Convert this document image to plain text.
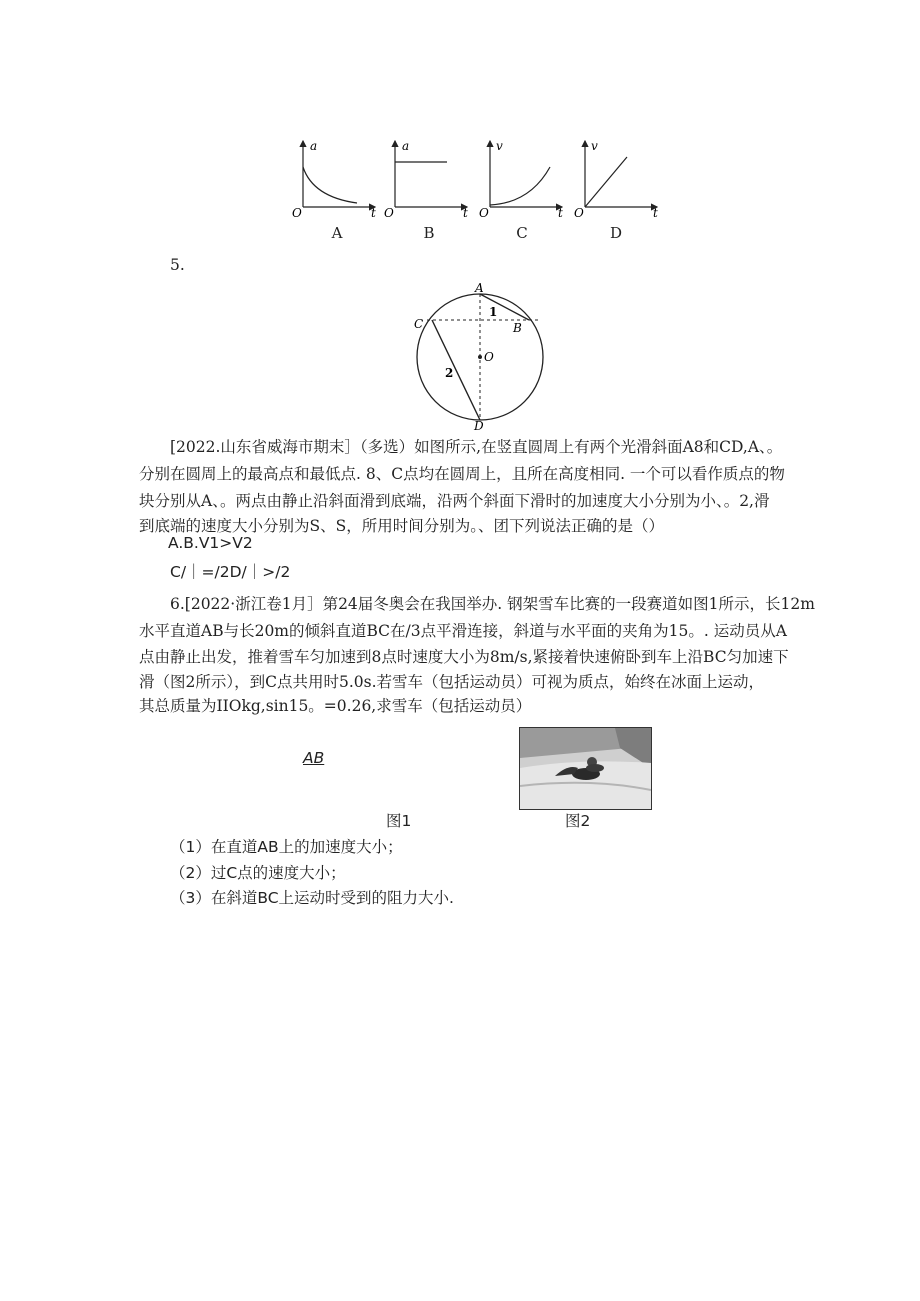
a
O	t
a
O	t
v
O	t
v
O	t
A	B	C	D
5.
A
B
C
D
O
1
2
[2022.山东省威海市期末］（多选）如图所示,在竖直圆周上有两个光滑斜面A8和CD,A、。
分别在圆周上的最高点和最低点. 8、C点均在圆周上，且所在高度相同. 一个可以看作质点的物
块分别从A、。两点由静止沿斜面滑到底端，沿两个斜面下滑时的加速度大小分别为小、。2,滑
到底端的速度大小分别为S、S，所用时间分别为。、团下列说法正确的是（）
A.B.V1>V2
C/｜=/2D/｜>/2
6.[2022·浙江卷1月］第24届冬奥会在我国举办. 钢架雪车比赛的一段赛道如图1所示，长12m
水平直道AB与长20m的倾斜直道BC在/3点平滑连接，斜道与水平面的夹角为15。. 运动员从A
点由静止出发，推着雪车匀加速到8点时速度大小为8m∕s,紧接着快速俯卧到车上沿BC匀加速下
滑（图2所示），到C点共用时5.0s.若雪车（包括运动员）可视为质点，始终在冰面上运动，
其总质量为IIOkg,sin15。=0.26,求雪车（包括运动员）
AB
图1	图2
（1）在直道AB上的加速度大小；
（2）过C点的速度大小；
（3）在斜道BC上运动时受到的阻力大小.
